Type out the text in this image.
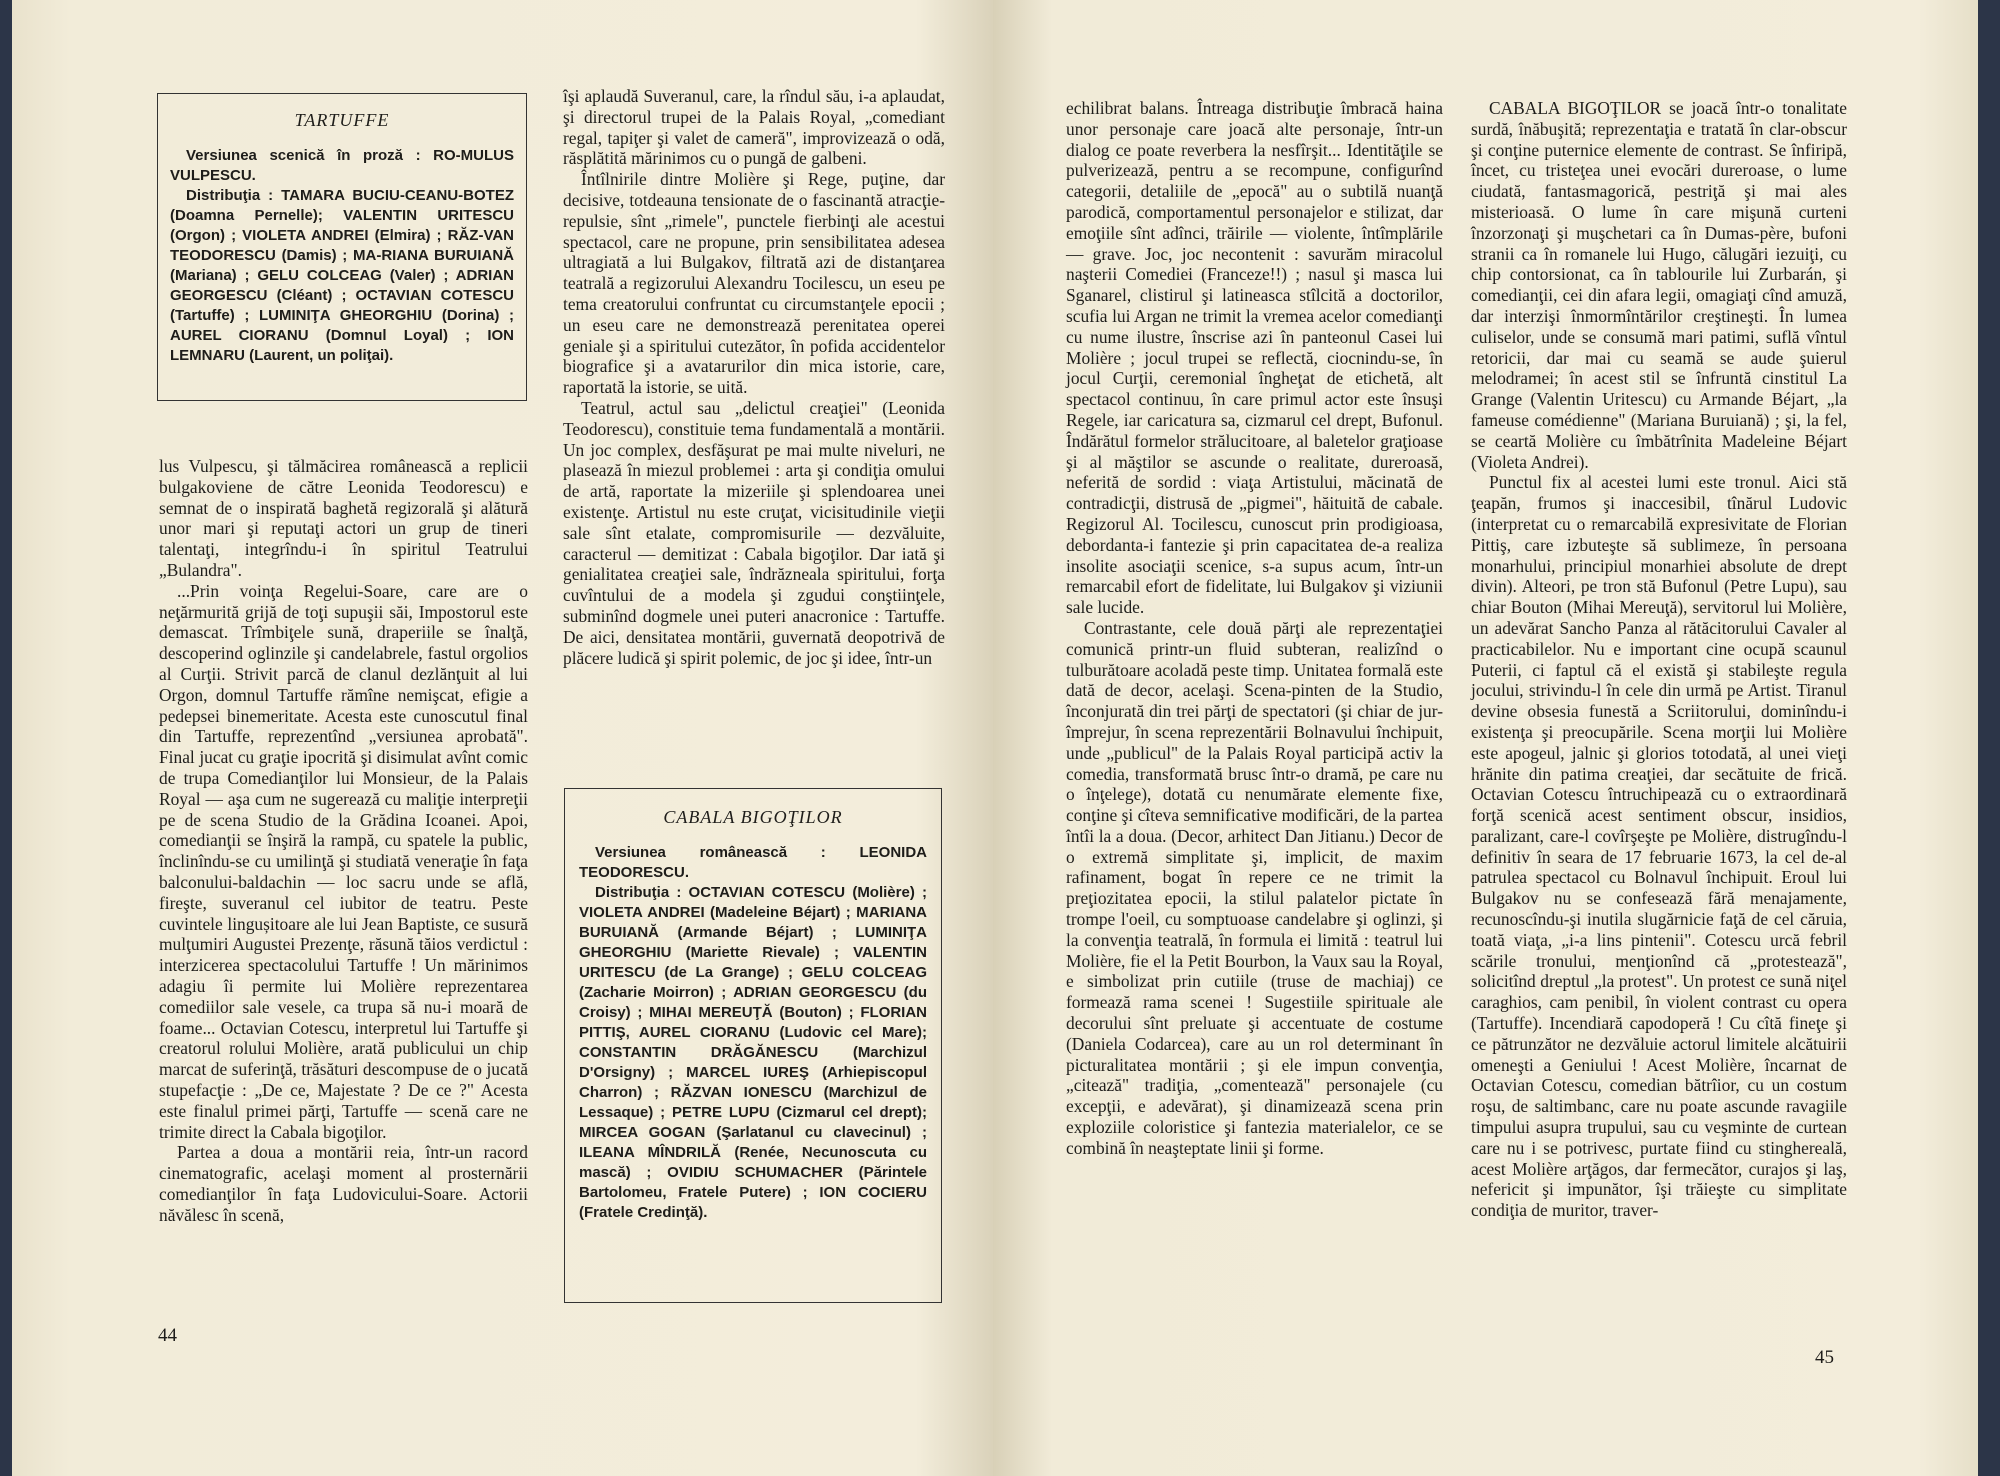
TARTUFFE

Versiunea scenică în proză : RO-MULUS VULPESCU.

Distribuţia : TAMARA BUCIU-CEANU-BOTEZ (Doamna Pernelle); VALENTIN URITESCU (Orgon) ; VIOLETA ANDREI (Elmira) ; RĂZ-VAN TEODORESCU (Damis) ; MA-RIANA BURUIANĂ (Mariana) ; GELU COLCEAG (Valer) ; ADRIAN GEORGESCU (Cléant) ; OCTAVIAN COTESCU (Tartuffe) ; LUMINIŢA GHEORGHIU (Dorina) ; AUREL CIORANU (Domnul Loyal) ; ION LEMNARU (Laurent, un poliţai).

lus Vulpescu, şi tălmăcirea românească a replicii bulgakoviene de către Leonida Teodorescu) e semnat de o inspirată baghetă regizorală şi alătură unor mari şi reputaţi actori un grup de tineri talentaţi, integrîndu-i în spiritul Teatrului „Bulandra".

...Prin voinţa Regelui-Soare, care are o neţărmurită grijă de toţi supuşii săi, Impostorul este demascat. Trîmbiţele sună, draperiile se înalţă, descoperind oglinzile şi candelabrele, fastul orgolios al Curţii. Strivit parcă de clanul dezlănţuit al lui Orgon, domnul Tartuffe rămîne nemişcat, efigie a pedepsei binemeritate. Acesta este cunoscutul final din Tartuffe, reprezentînd „versiunea aprobată". Final jucat cu graţie ipocrită şi disimulat avînt comic de trupa Comedianţilor lui Monsieur, de la Palais Royal — aşa cum ne sugerează cu maliţie interpreţii pe de scena Studio de la Grădina Icoanei. Apoi, comedianţii se înşiră la rampă, cu spatele la public, înclinîndu-se cu umilinţă şi studiată veneraţie în faţa balconului-baldachin — loc sacru unde se află, fireşte, suveranul cel iubitor de teatru. Peste cuvintele lingușitoare ale lui Jean Baptiste, ce susură mulţumiri Augustei Prezenţe, răsună tăios verdictul : interzicerea spectacolului Tartuffe ! Un mărinimos adagiu îi permite lui Molière reprezentarea comediilor sale vesele, ca trupa să nu-i moară de foame... Octavian Cotescu, interpretul lui Tartuffe şi creatorul rolului Molière, arată publicului un chip marcat de suferinţă, trăsături descompuse de o jucată stupefacţie : „De ce, Majestate ? De ce ?" Acesta este finalul primei părţi, Tartuffe — scenă care ne trimite direct la Cabala bigoţilor.

Partea a doua a montării reia, într-un racord cinematografic, acelaşi moment al prosternării comedianţilor în faţa Ludovicului-Soare. Actorii năvălesc în scenă,

îşi aplaudă Suveranul, care, la rîndul său, i-a aplaudat, şi directorul trupei de la Palais Royal, „comediant regal, tapiţer şi valet de cameră", improvizează o odă, răsplătită mărinimos cu o pungă de galbeni.

Întîlnirile dintre Molière şi Rege, puţine, dar decisive, totdeauna tensionate de o fascinantă atracţie-repulsie, sînt „rimele", punctele fierbinţi ale acestui spectacol, care ne propune, prin sensibilitatea adesea ultragiată a lui Bulgakov, filtrată azi de distanţarea teatrală a regizorului Alexandru Tocilescu, un eseu pe tema creatorului confruntat cu circumstanţele epocii ; un eseu care ne demonstrează perenitatea operei geniale şi a spiritului cutezător, în pofida accidentelor biografice şi a avatarurilor din mica istorie, care, raportată la istorie, se uită.

Teatrul, actul sau „delictul creaţiei" (Leonida Teodorescu), constituie tema fundamentală a montării. Un joc complex, desfăşurat pe mai multe niveluri, ne plasează în miezul problemei : arta şi condiţia omului de artă, raportate la mizeriile şi splendoarea unei existenţe. Artistul nu este cruţat, vicisitudinile vieţii sale sînt etalate, compromisurile — dezvăluite, caracterul — demitizat : Cabala bigoţilor. Dar iată şi genialitatea creaţiei sale, îndrăzneala spiritului, forţa cuvîntului de a modela şi zgudui conştiinţele, subminînd dogmele unei puteri anacronice : Tartuffe. De aici, densitatea montării, guvernată deopotrivă de plăcere ludică şi spirit polemic, de joc şi idee, într-un

CABALA BIGOŢILOR

Versiunea românească : LEONIDA TEODORESCU.

Distribuţia : OCTAVIAN COTESCU (Molière) ; VIOLETA ANDREI (Madeleine Béjart) ; MARIANA BURUIANĂ (Armande Béjart) ; LUMINIŢA GHEORGHIU (Mariette Rievale) ; VALENTIN URITESCU (de La Grange) ; GELU COLCEAG (Zacharie Moirron) ; ADRIAN GEORGESCU (du Croisy) ; MIHAI MEREUŢĂ (Bouton) ; FLORIAN PITTIŞ, AUREL CIORANU (Ludovic cel Mare); CONSTANTIN DRĂGĂNESCU (Marchizul D'Orsigny) ; MARCEL IUREŞ (Arhiepiscopul Charron) ; RĂZVAN IONESCU (Marchizul de Lessaque) ; PETRE LUPU (Cizmarul cel drept); MIRCEA GOGAN (Şarlatanul cu clavecinul) ; ILEANA MÎNDRILĂ (Renée, Necunoscuta cu mască) ; OVIDIU SCHUMACHER (Părintele Bartolomeu, Fratele Putere) ; ION COCIERU (Fratele Credinţă).

44

echilibrat balans. Întreaga distribuţie îmbracă haina unor personaje care joacă alte personaje, într-un dialog ce poate reverbera la nesfîrşit... Identităţile se pulverizează, pentru a se recompune, configurînd categorii, detaliile de „epocă" au o subtilă nuanţă parodică, comportamentul personajelor e stilizat, dar emoţiile sînt adînci, trăirile — violente, întîmplările — grave. Joc, joc necontenit : savurăm miracolul naşterii Comediei (Franceze!!) ; nasul şi masca lui Sganarel, clistirul şi latineasca stîlcită a doctorilor, scufia lui Argan ne trimit la vremea acelor comedianţi cu nume ilustre, înscrise azi în panteonul Casei lui Molière ; jocul trupei se reflectă, ciocnindu-se, în jocul Curţii, ceremonial îngheţat de etichetă, alt spectacol continuu, în care primul actor este însuşi Regele, iar caricatura sa, cizmarul cel drept, Bufonul. Îndărătul formelor strălucitoare, al baletelor graţioase şi al măştilor se ascunde o realitate, dureroasă, neferită de sordid : viaţa Artistului, măcinată de contradicţii, distrusă de „pigmei", hăituită de cabale. Regizorul Al. Tocilescu, cunoscut prin prodigioasa, debordanta-i fantezie şi prin capacitatea de-a realiza insolite asociaţii scenice, s-a supus acum, într-un remarcabil efort de fidelitate, lui Bulgakov şi viziunii sale lucide.

Contrastante, cele două părţi ale reprezentaţiei comunică printr-un fluid subteran, realizînd o tulburătoare acoladă peste timp. Unitatea formală este dată de decor, acelaşi. Scena-pinten de la Studio, înconjurată din trei părţi de spectatori (şi chiar de jur-împrejur, în scena reprezentării Bolnavului închipuit, unde „publicul" de la Palais Royal participă activ la comedia, transformată brusc într-o dramă, pe care nu o înţelege), dotată cu nenumărate elemente fixe, conţine şi cîteva semnificative modificări, de la partea întîi la a doua. (Decor, arhitect Dan Jitianu.) Decor de o extremă simplitate şi, implicit, de maxim rafinament, bogat în repere ce ne trimit la preţiozitatea epocii, la stilul palatelor pictate în trompe l'oeil, cu somptuoase candelabre şi oglinzi, şi la convenţia teatrală, în formula ei limită : teatrul lui Molière, fie el la Petit Bourbon, la Vaux sau la Royal, e simbolizat prin cutiile (truse de machiaj) ce formează rama scenei ! Sugestiile spirituale ale decorului sînt preluate şi accentuate de costume (Daniela Codarcea), care au un rol determinant în picturalitatea montării ; şi ele impun convenţia, „citează" tradiţia, „comentează" personajele (cu excepţii, e adevărat), şi dinamizează scena prin exploziile coloristice şi fantezia materialelor, ce se combină în neaşteptate linii şi forme.

CABALA BIGOŢILOR se joacă într-o tonalitate surdă, înăbuşită; reprezentaţia e tratată în clar-obscur şi conţine puternice elemente de contrast. Se înfiripă, încet, cu tristeţea unei evocări dureroase, o lume ciudată, fantasmagorică, pestriţă şi mai ales misterioasă. O lume în care mişună curteni înzorzonaţi şi muşchetari ca în Dumas-père, bufoni stranii ca în romanele lui Hugo, călugări iezuiţi, cu chip contorsionat, ca în tablourile lui Zurbarán, şi comedianţii, cei din afara legii, omagiaţi cînd amuză, dar interzişi înmormîntărilor creştineşti. În lumea culiselor, unde se consumă mari patimi, suflă vîntul retoricii, dar mai cu seamă se aude şuierul melodramei; în acest stil se înfruntă cinstitul La Grange (Valentin Uritescu) cu Armande Béjart, „la fameuse comédienne" (Mariana Buruiană) ; şi, la fel, se ceartă Molière cu îmbătrînita Madeleine Béjart (Violeta Andrei).

Punctul fix al acestei lumi este tronul. Aici stă ţeapăn, frumos şi inaccesibil, tînărul Ludovic (interpretat cu o remarcabilă expresivitate de Florian Pittiş, care izbuteşte să sublimeze, în persoana monarhului, principiul monarhiei absolute de drept divin). Alteori, pe tron stă Bufonul (Petre Lupu), sau chiar Bouton (Mihai Mereuţă), servitorul lui Molière, un adevărat Sancho Panza al rătăcitorului Cavaler al practicabilelor. Nu e important cine ocupă scaunul Puterii, ci faptul că el există şi stabileşte regula jocului, strivindu-l în cele din urmă pe Artist. Tiranul devine obsesia funestă a Scriitorului, dominîndu-i existenţa şi preocupările. Scena morţii lui Molière este apogeul, jalnic şi glorios totodată, al unei vieţi hrănite din patima creaţiei, dar secătuite de frică. Octavian Cotescu întruchipează cu o extraordinară forţă scenică acest sentiment obscur, insidios, paralizant, care-l covîrşeşte pe Molière, distrugîndu-l definitiv în seara de 17 februarie 1673, la cel de-al patrulea spectacol cu Bolnavul închipuit. Eroul lui Bulgakov nu se confesează fără menajamente, recunoscîndu-şi inutila slugărnicie faţă de cel căruia, toată viaţa, „i-a lins pintenii". Cotescu urcă febril scările tronului, menţionînd că „protestează", solicitînd dreptul „la protest". Un protest ce sună niţel caraghios, cam penibil, în violent contrast cu opera (Tartuffe). Incendiară capodoperă ! Cu cîtă fineţe şi ce pătrunzător ne dezvăluie actorul limitele alcătuirii omeneşti a Geniului ! Acest Molière, încarnat de Octavian Cotescu, comedian bătrîior, cu un costum roşu, de saltimbanc, care nu poate ascunde ravagiile timpului asupra trupului, sau cu veşminte de curtean care nu i se potrivesc, purtate fiind cu stinghereală, acest Molière arţăgos, dar fermecător, curajos şi laş, nefericit şi impunător, îşi trăieşte cu simplitate condiţia de muritor, traver-

45
